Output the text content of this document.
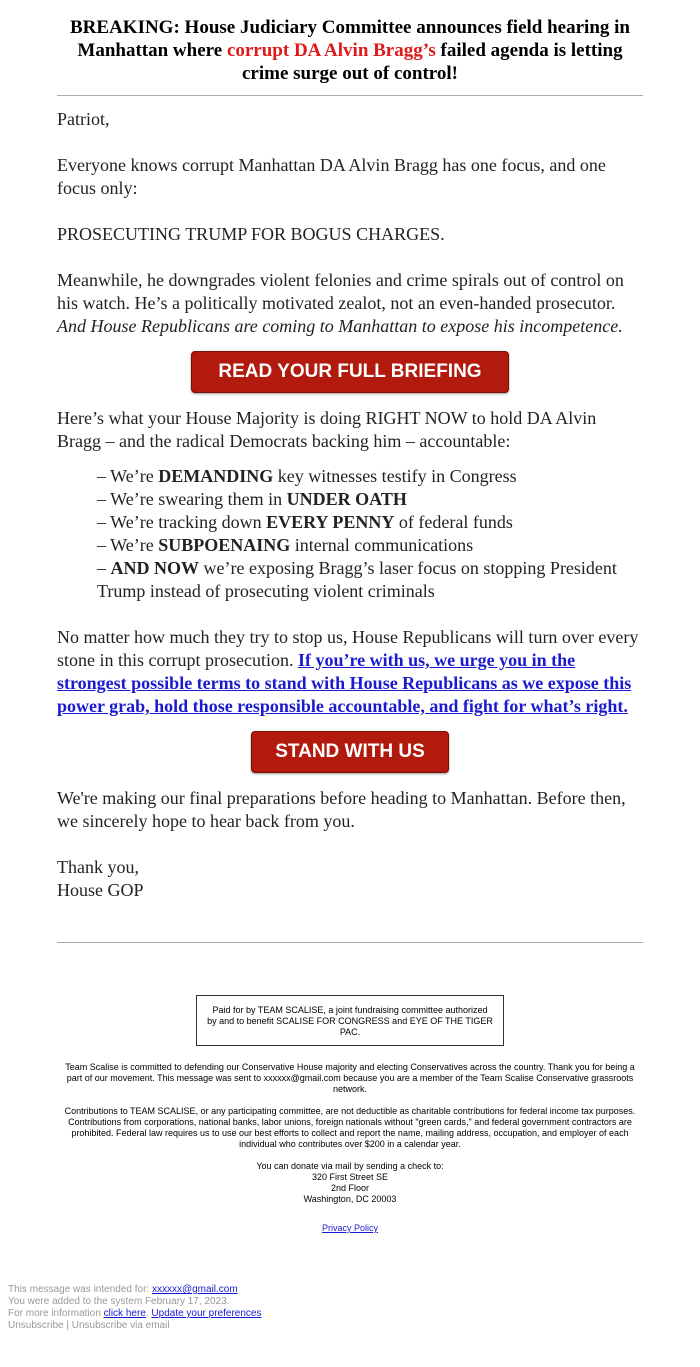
BREAKING: House Judiciary Committee announces field hearing in Manhattan where corrupt DA Alvin Bragg’s failed agenda is letting crime surge out of control!

Patriot,

Everyone knows corrupt Manhattan DA Alvin Bragg has one focus, and one focus only:

PROSECUTING TRUMP FOR BOGUS CHARGES.

Meanwhile, he downgrades violent felonies and crime spirals out of control on his watch. He’s a politically motivated zealot, not an even-handed prosecutor. And House Republicans are coming to Manhattan to expose his incompetence.

READ YOUR FULL BRIEFING

Here’s what your House Majority is doing RIGHT NOW to hold DA Alvin Bragg – and the radical Democrats backing him – accountable:

– We’re DEMANDING key witnesses testify in Congress
– We’re swearing them in UNDER OATH
– We’re tracking down EVERY PENNY of federal funds
– We’re SUBPOENAING internal communications
– AND NOW we’re exposing Bragg’s laser focus on stopping President Trump instead of prosecuting violent criminals

No matter how much they try to stop us, House Republicans will turn over every stone in this corrupt prosecution. If you’re with us, we urge you in the strongest possible terms to stand with House Republicans as we expose this power grab, hold those responsible accountable, and fight for what’s right.

STAND WITH US

We're making our final preparations before heading to Manhattan. Before then, we sincerely hope to hear back from you.

Thank you,
House GOP

Paid for by TEAM SCALISE, a joint fundraising committee authorized by and to benefit SCALISE FOR CONGRESS and EYE OF THE TIGER PAC.

Team Scalise is committed to defending our Conservative House majority and electing Conservatives across the country. Thank you for being a part of our movement. This message was sent to xxxxxx@gmail.com because you are a member of the Team Scalise Conservative grassroots network.

Contributions to TEAM SCALISE, or any participating committee, are not deductible as charitable contributions for federal income tax purposes. Contributions from corporations, national banks, labor unions, foreign nationals without "green cards," and federal government contractors are prohibited. Federal law requires us to use our best efforts to collect and report the name, mailing address, occupation, and employer of each individual who contributes over $200 in a calendar year.

You can donate via mail by sending a check to:
320 First Street SE
2nd Floor
Washington, DC 20003

Privacy Policy

This message was intended for: xxxxxx@gmail.com
You were added to the system February 17, 2023.
For more information click here. Update your preferences
Unsubscribe | Unsubscribe via email
